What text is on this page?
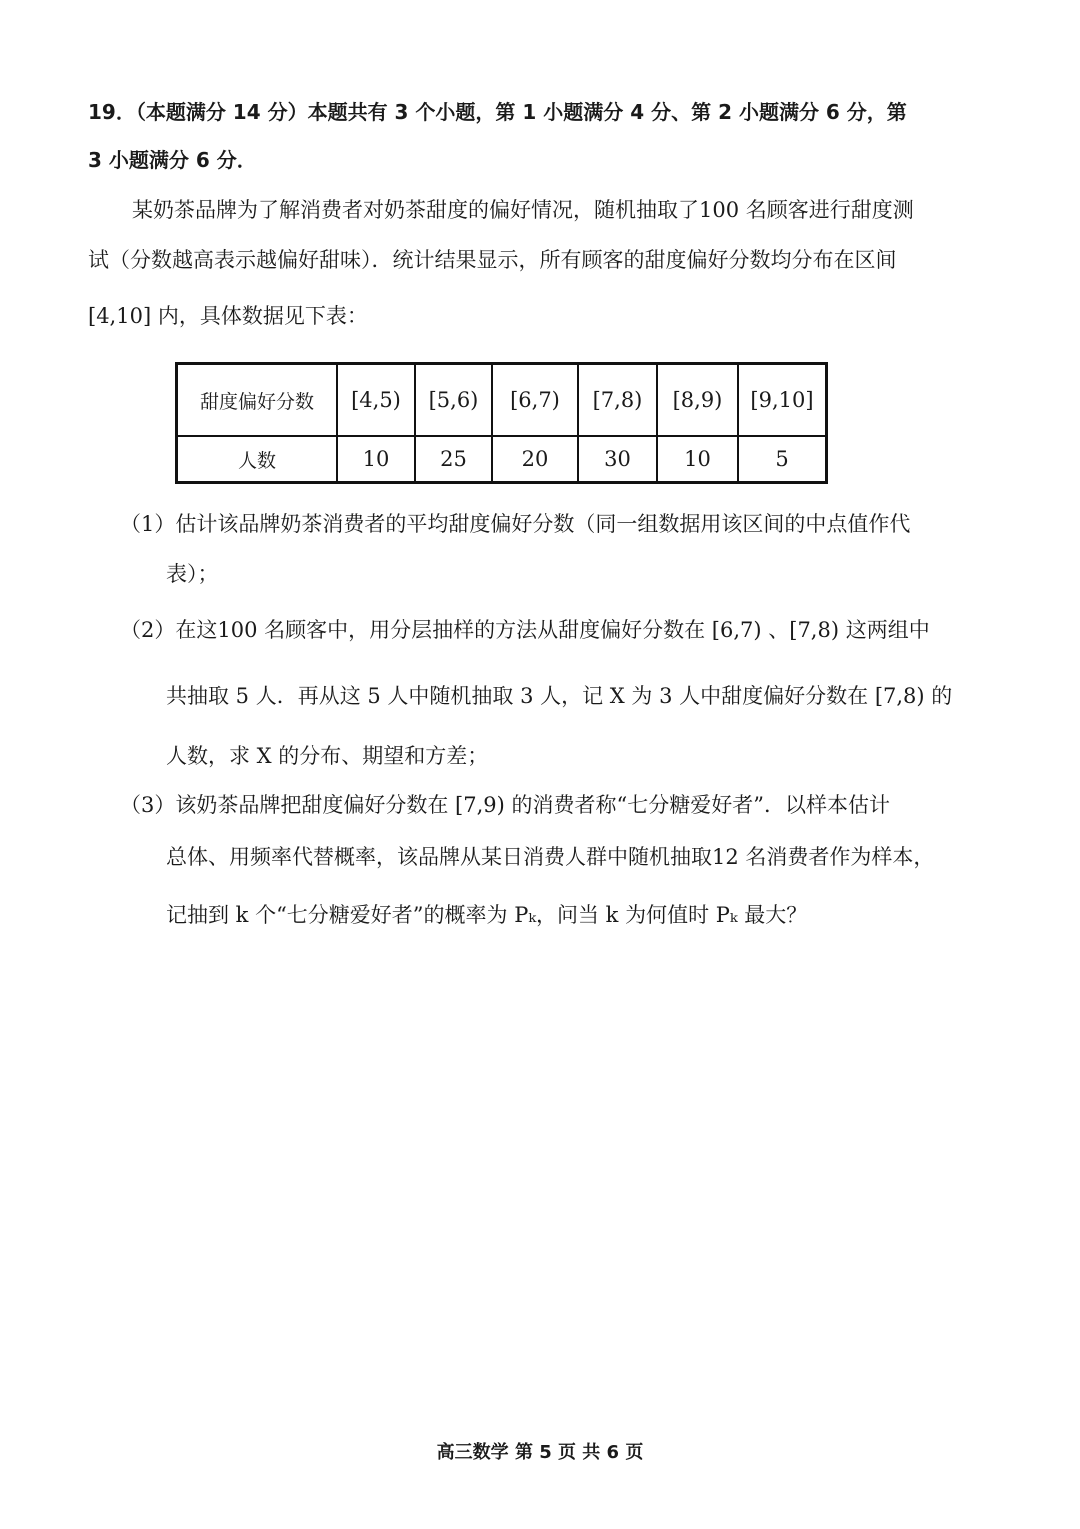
19．（本题满分 14 分）本题共有 3 个小题，第 1 小题满分 4 分、第 2 小题满分 6 分，第
3 小题满分 6 分．
某奶茶品牌为了解消费者对奶茶甜度的偏好情况，随机抽取了100 名顾客进行甜度测
试（分数越高表示越偏好甜味）．统计结果显示，所有顾客的甜度偏好分数均分布在区间
[4,10] 内，具体数据见下表：
甜度偏好分数	[4,5)	[5,6)	[6,7)	[7,8)	[8,9)	[9,10]
人数	10	25	20	30	10	5
（1）估计该品牌奶茶消费者的平均甜度偏好分数（同一组数据用该区间的中点值作代
表）；
（2）在这100 名顾客中，用分层抽样的方法从甜度偏好分数在 [6,7) 、[7,8) 这两组中
共抽取 5 人．再从这 5 人中随机抽取 3 人，记 X 为 3 人中甜度偏好分数在 [7,8) 的
人数，求 X 的分布、期望和方差；
（3）该奶茶品牌把甜度偏好分数在 [7,9) 的消费者称“七分糖爱好者”．以样本估计
总体、用频率代替概率，该品牌从某日消费人群中随机抽取12 名消费者作为样本，
记抽到 k 个“七分糖爱好者”的概率为 Pₖ，问当 k 为何值时 Pₖ 最大？
高三数学 第 5 页 共 6 页
